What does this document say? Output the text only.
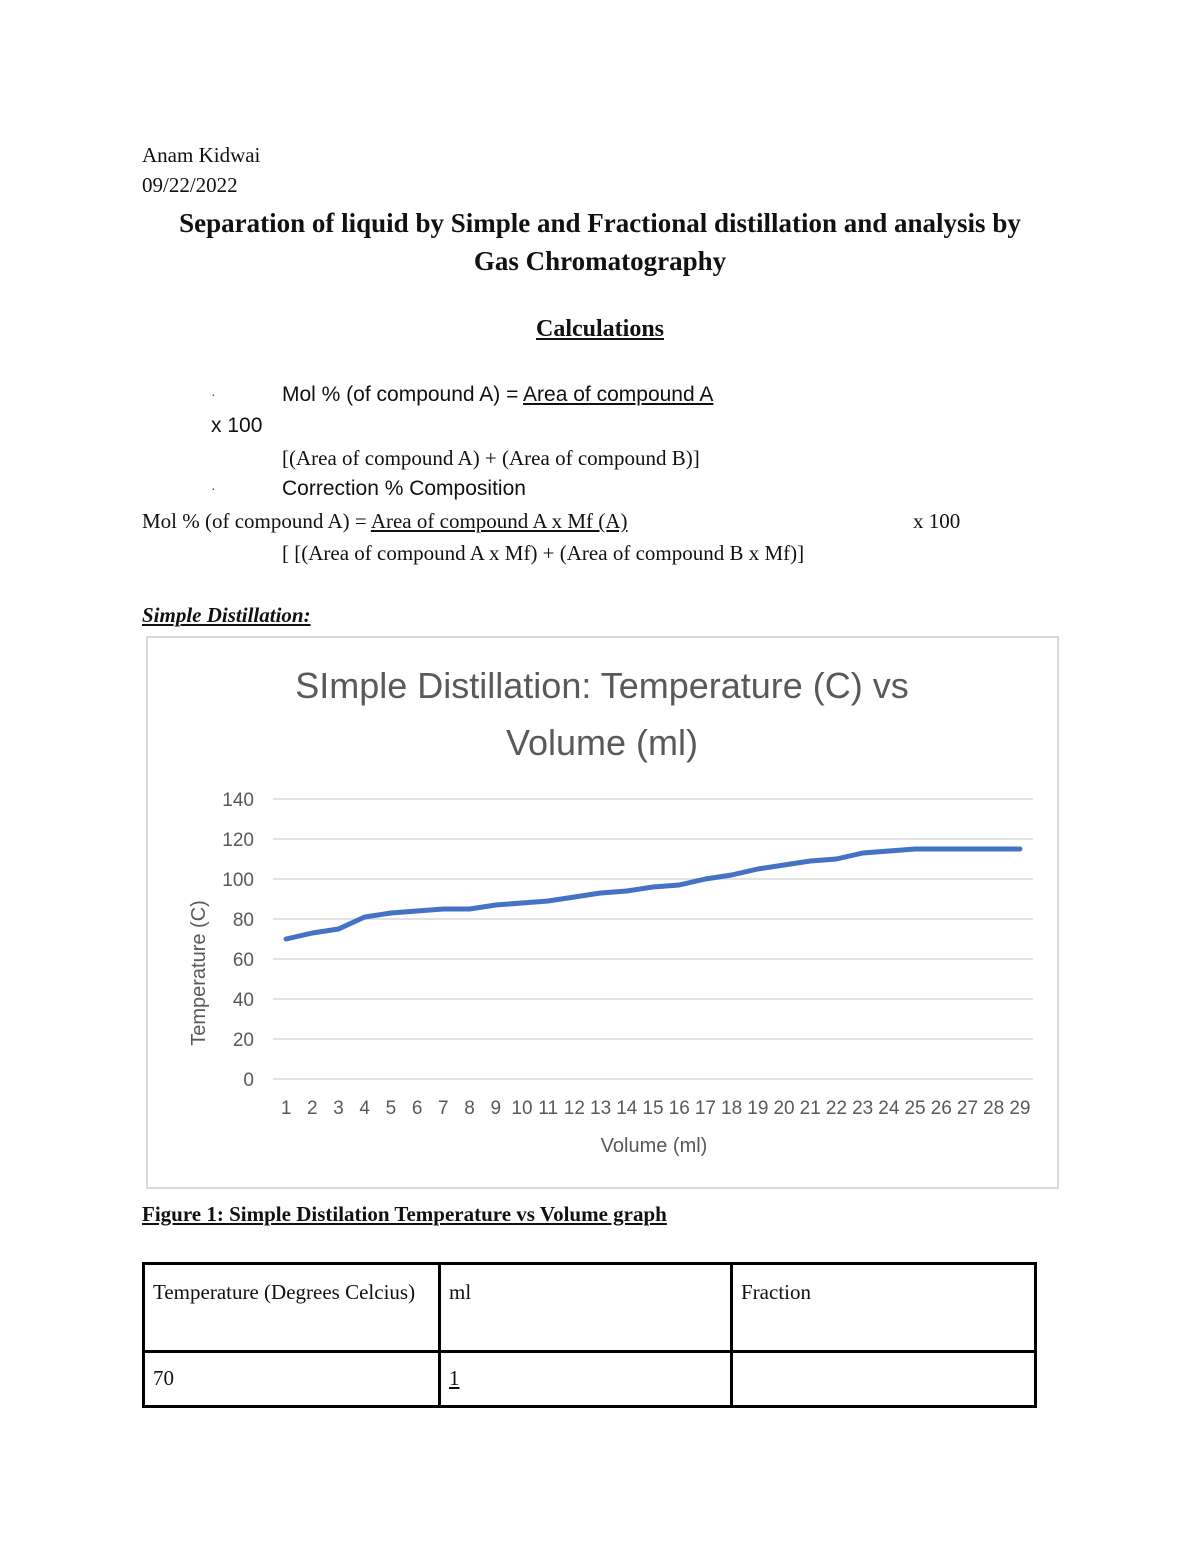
Anam Kidwai
09/22/2022
Separation of liquid by Simple and Fractional distillation and analysis by
Gas Chromatography
Calculations
·	Mol % (of compound A) = Area of compound A
x 100
[(Area of compound A) + (Area of compound B)]
·	Correction % Composition
Mol % (of compound A) = Area of compound A x Mf (A)	x 100
[ [(Area of compound A x Mf) + (Area of compound B x Mf)]
Simple Distillation:
0
20
40
60
80
100
120
140
1 2 3 4 5 6 7 8 9 10 11 12 13 14 15 16 17 18 19 20 21 22 23 24 25 26 27 28 29
SImple Distillation: Temperature (C) vs
Volume (ml)
Volume (ml)
Temperature (C)
Figure 1: Simple Distilation Temperature vs Volume graph
Temperature (Degrees Celcius)	ml	Fraction
70	1	
